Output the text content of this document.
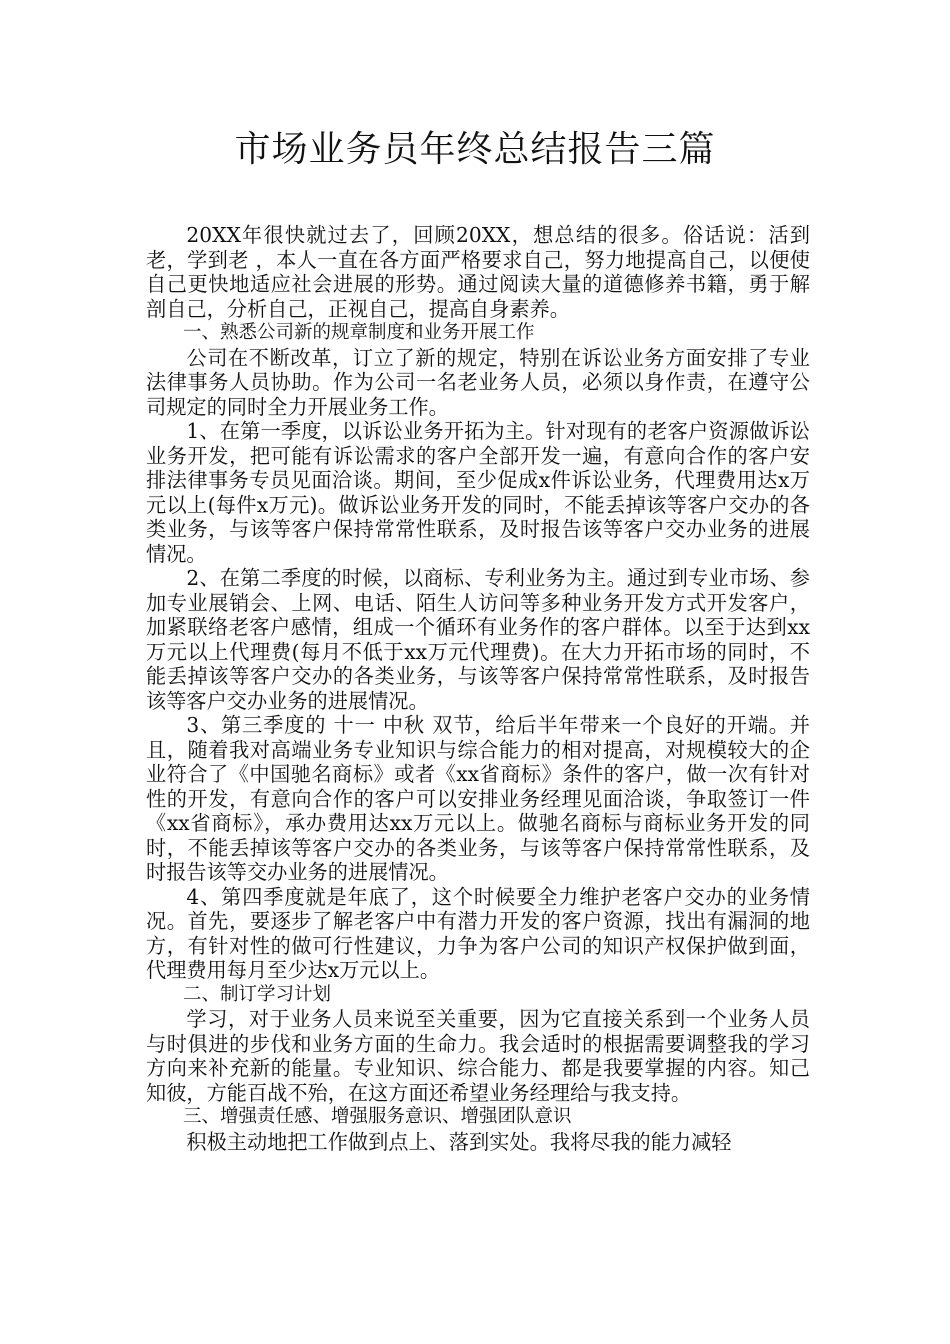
市场业务员年终总结报告三篇

20XX年很快就过去了，回顾20XX，想总结的很多。俗话说：活到老，学到老 ，本人一直在各方面严格要求自己，努力地提高自己，以便使自己更快地适应社会进展的形势。通过阅读大量的道德修养书籍，勇于解剖自己，分析自己，正视自己，提高自身素养。

一、熟悉公司新的规章制度和业务开展工作

公司在不断改革，订立了新的规定，特别在诉讼业务方面安排了专业法律事务人员协助。作为公司一名老业务人员，必须以身作责，在遵守公司规定的同时全力开展业务工作。

1、在第一季度，以诉讼业务开拓为主。针对现有的老客户资源做诉讼业务开发，把可能有诉讼需求的客户全部开发一遍，有意向合作的客户安排法律事务专员见面洽谈。期间，至少促成x件诉讼业务，代理费用达x万元以上(每件x万元)。做诉讼业务开发的同时，不能丢掉该等客户交办的各类业务，与该等客户保持常常性联系，及时报告该等客户交办业务的进展情况。

2、在第二季度的时候，以商标、专利业务为主。通过到专业市场、参加专业展销会、上网、电话、陌生人访问等多种业务开发方式开发客户，加紧联络老客户感情，组成一个循环有业务作的客户群体。以至于达到xx万元以上代理费(每月不低于xx万元代理费)。在大力开拓市场的同时，不能丢掉该等客户交办的各类业务，与该等客户保持常常性联系，及时报告该等客户交办业务的进展情况。

3、第三季度的 十一 中秋 双节，给后半年带来一个良好的开端。并且，随着我对高端业务专业知识与综合能力的相对提高，对规模较大的企业符合了《中国驰名商标》或者《xx省商标》条件的客户，做一次有针对性的开发，有意向合作的客户可以安排业务经理见面洽谈，争取签订一件《xx省商标》，承办费用达xx万元以上。做驰名商标与商标业务开发的同时，不能丢掉该等客户交办的各类业务，与该等客户保持常常性联系，及时报告该等交办业务的进展情况。

4、第四季度就是年底了，这个时候要全力维护老客户交办的业务情况。首先，要逐步了解老客户中有潜力开发的客户资源，找出有漏洞的地方，有针对性的做可行性建议，力争为客户公司的知识产权保护做到面，代理费用每月至少达x万元以上。

二、制订学习计划

学习，对于业务人员来说至关重要，因为它直接关系到一个业务人员与时俱进的步伐和业务方面的生命力。我会适时的根据需要调整我的学习方向来补充新的能量。专业知识、综合能力、都是我要掌握的内容。知己知彼，方能百战不殆，在这方面还希望业务经理给与我支持。

三、增强责任感、增强服务意识、增强团队意识

积极主动地把工作做到点上、落到实处。我将尽我的能力减轻
